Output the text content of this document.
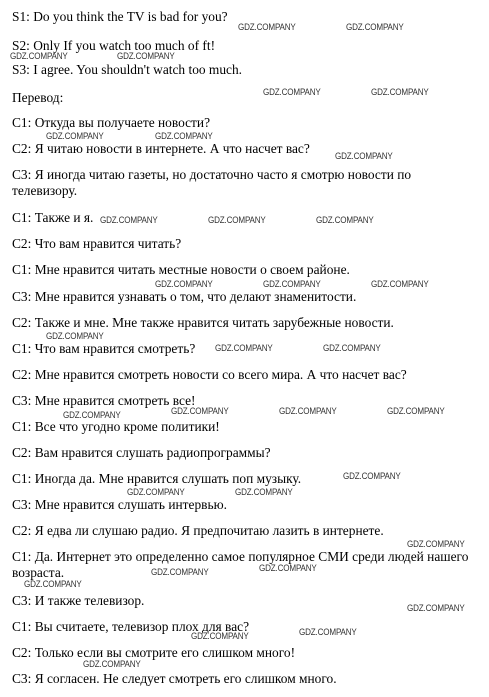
S1: Do you think the TV is bad for you?
S2: Only If you watch too much of ft!
S3: I agree. You shouldn't watch too much.
Перевод:
С1: Откуда вы получаете новости?
С2: Я читаю новости в интернете. А что насчет вас?
С3: Я иногда читаю газеты, но достаточно часто я смотрю новости по телевизору.
С1: Также и я.
С2: Что вам нравится читать?
С1: Мне нравится читать местные новости о своем районе.
С3: Мне нравится узнавать о том, что делают знаменитости.
С2: Также и мне. Мне также нравится читать зарубежные новости.
С1: Что вам нравится смотреть?
С2: Мне нравится смотреть новости со всего мира. А что насчет вас?
С3: Мне нравится смотреть все!
С1: Все что угодно кроме политики!
С2: Вам нравится слушать радиопрограммы?
С1: Иногда да. Мне нравится слушать поп музыку.
С3: Мне нравится слушать интервью.
С2: Я едва ли слушаю радио. Я предпочитаю лазить в интернете.
С1: Да. Интернет это определенно самое популярное СМИ среди людей нашего возраста.
С3: И также телевизор.
С1: Вы считаете, телевизор плох для вас?
С2: Только если вы смотрите его слишком много!
С3: Я согласен. Не следует смотреть его слишком много.
GDZ.COMPANY	GDZ.COMPANY
GDZ.COMPANY	GDZ.COMPANY
GDZ.COMPANY	GDZ.COMPANY
GDZ.COMPANY	GDZ.COMPANY
GDZ.COMPANY
GDZ.COMPANY	GDZ.COMPANY	GDZ.COMPANY
GDZ.COMPANY	GDZ.COMPANY	GDZ.COMPANY
GDZ.COMPANY
GDZ.COMPANY	GDZ.COMPANY
GDZ.COMPANY	GDZ.COMPANY	GDZ.COMPANY	GDZ.COMPANY
GDZ.COMPANY
GDZ.COMPANY	GDZ.COMPANY
GDZ.COMPANY
GDZ.COMPANY
GDZ.COMPANY
GDZ.COMPANY
GDZ.COMPANY
GDZ.COMPANY	GDZ.COMPANY
GDZ.COMPANY
